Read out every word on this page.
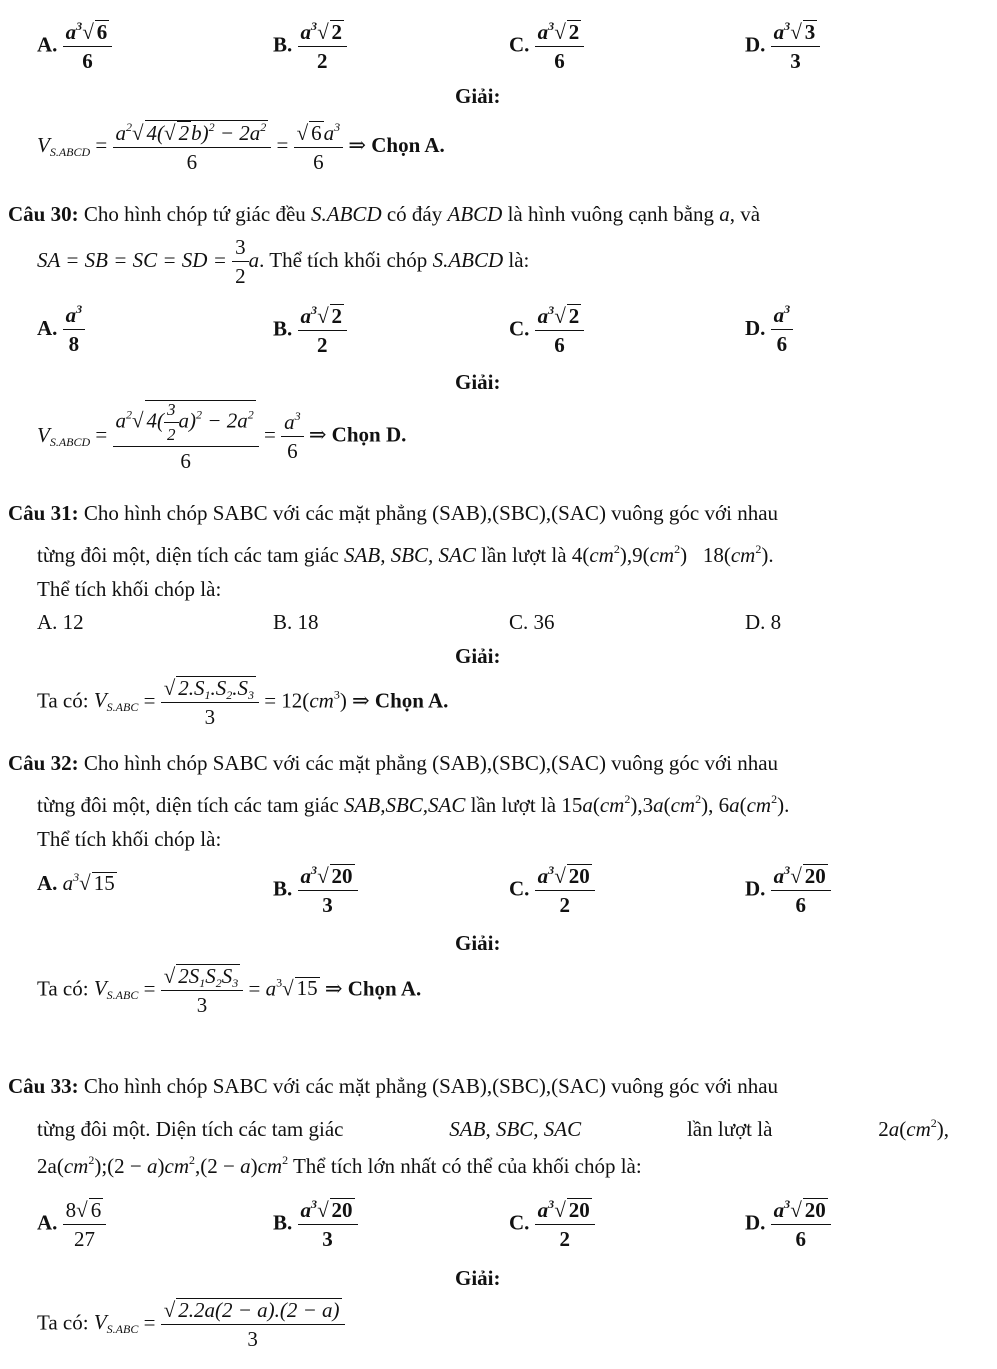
A. $\frac{a^3√ 6}{6}$	B. $\frac{a^3√ 2}{2}$	C. $\frac{a^3√ 2}{6}$	D. $\frac{a^3√ 3}{3}$
Giải:
$V_{S.ABCD} = \frac{a^2√ 4(√ 2b)^2 - 2a^2}{6} = \frac{√ 6a^3}{6}$ ⇒ Chọn A.
Câu 30: Cho hình chóp tứ giác đều S.ABCD có đáy ABCD là hình vuông cạnh bằng a, và
SA = SB = SC = SD = $\frac{3}{2} a$. Thể tích khối chóp S.ABCD là:
A. $\frac{a^3}{8}$	B. $\frac{a^3√ 2}{2}$	C. $\frac{a^3√ 2}{6}$	D. $\frac{a^3}{6}$
Giải:
$V_{S.ABCD} = \frac{a^2√ 4( \frac{3}{2} a)^2 - 2a^2}{6} = \frac{a^3}{6}$ ⇒ Chọn D.
Câu 31: Cho hình chóp SABC với các mặt phẳng (SAB),(SBC),(SAC) vuông góc với nhau
từng đôi một, diện tích các tam giác SAB, SBC, SAC lần lượt là $4(cm^2),9(cm^2)$   $18(cm^2)$.
Thể tích khối chóp là:
A. 12	B. 18	C. 36	D. 8
Giải:
Ta có: $V_{S.ABC} = \frac{√ 2.S_1.S_2.S_3}{3} = 12(cm^3)$ ⇒ Chọn A.
Câu 32: Cho hình chóp SABC với các mặt phẳng (SAB),(SBC),(SAC) vuông góc với nhau
từng đôi một, diện tích các tam giác SAB,SBC,SAC lần lượt là $15a(cm^2),3a(cm^2)$, $6a(cm^2)$.
Thể tích khối chóp là:
A. $a^3√$ 15	B. $\frac{a^3√ 20}{3}$	C. $\frac{a^3√ 20}{2}$	D. $\frac{a^3√ 20}{6}$
Giải:
Ta có: $V_{S.ABC} = \frac{√ 2S_1S_2S_3}{3} = a^3√$ 15 ⇒ Chọn A.
Câu 33: Cho hình chóp SABC với các mặt phẳng (SAB),(SBC),(SAC) vuông góc với nhau
từng đôi một. Diện tích các tam giác	SAB, SBC, SAC	lần lượt là	$2a(cm^2)$,
$2a(cm^2);(2 - a)cm^2,(2 - a)cm^2$ Thể tích lớn nhất có thể của khối chóp là:
A. $\frac{8√ 6}{27}$	B. $\frac{a^3√ 20}{3}$	C. $\frac{a^3√ 20}{2}$	D. $\frac{a^3√ 20}{6}$
Giải:
Ta có: $V_{S.ABC} = \frac{√ 2.2a(2 - a).(2 - a)}{3}$
